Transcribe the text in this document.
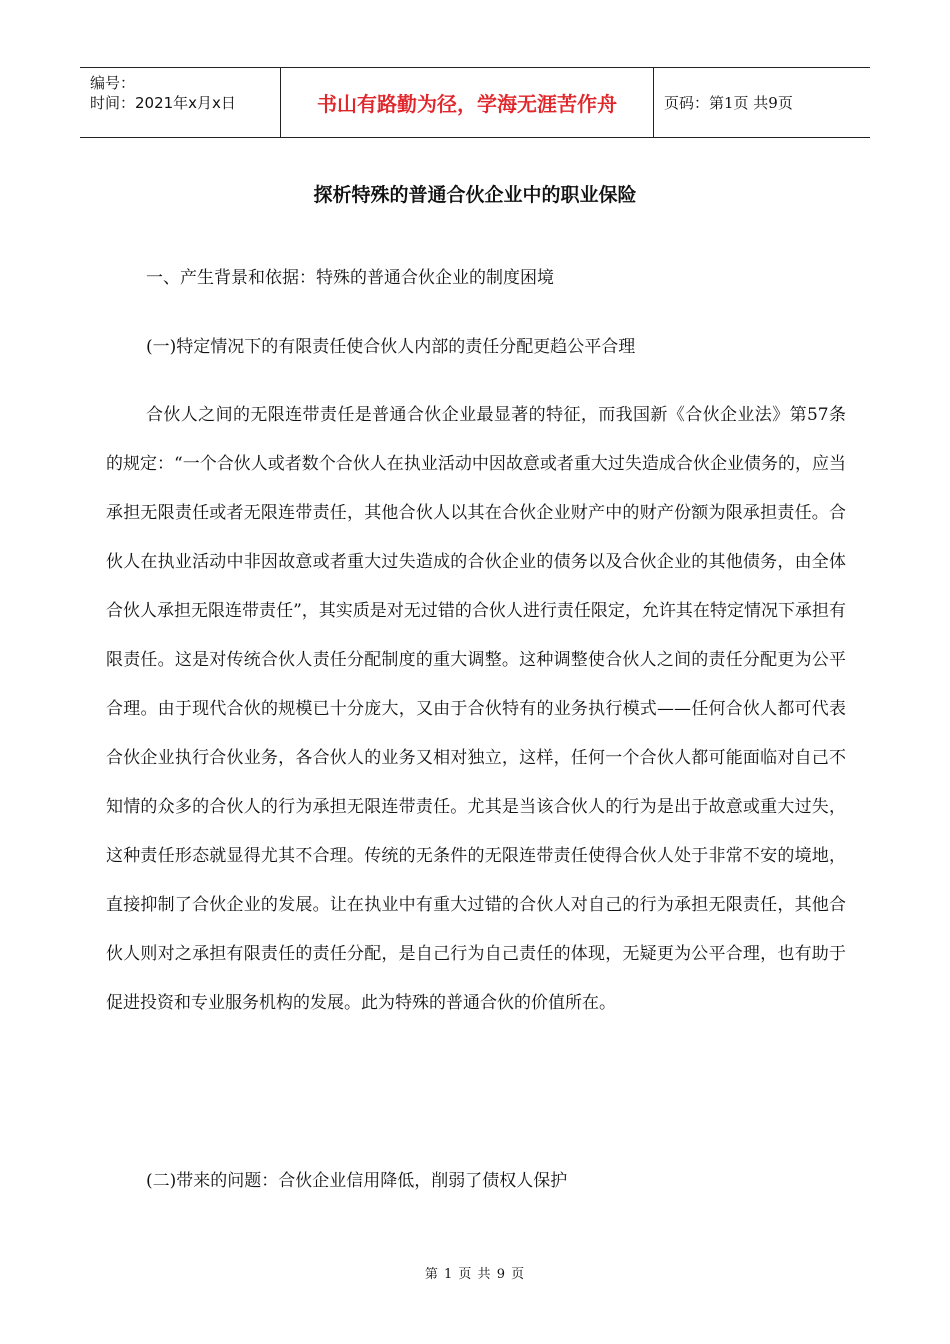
编号：
时间：2021年x月x日	书山有路勤为径，学海无涯苦作舟	页码：第1页 共9页
探析特殊的普通合伙企业中的职业保险
一、产生背景和依据：特殊的普通合伙企业的制度困境
(一)特定情况下的有限责任使合伙人内部的责任分配更趋公平合理

合伙人之间的无限连带责任是普通合伙企业最显著的特征，而我国新《合伙企业法》第57条的规定：“一个合伙人或者数个合伙人在执业活动中因故意或者重大过失造成合伙企业债务的，应当承担无限责任或者无限连带责任，其他合伙人以其在合伙企业财产中的财产份额为限承担责任。合伙人在执业活动中非因故意或者重大过失造成的合伙企业的债务以及合伙企业的其他债务，由全体合伙人承担无限连带责任”，其实质是对无过错的合伙人进行责任限定，允许其在特定情况下承担有限责任。这是对传统合伙人责任分配制度的重大调整。这种调整使合伙人之间的责任分配更为公平合理。由于现代合伙的规模已十分庞大，又由于合伙特有的业务执行模式——任何合伙人都可代表合伙企业执行合伙业务，各合伙人的业务又相对独立，这样，任何一个合伙人都可能面临对自己不知情的众多的合伙人的行为承担无限连带责任。尤其是当该合伙人的行为是出于故意或重大过失，这种责任形态就显得尤其不合理。传统的无条件的无限连带责任使得合伙人处于非常不安的境地，直接抑制了合伙企业的发展。让在执业中有重大过错的合伙人对自己的行为承担无限责任，其他合伙人则对之承担有限责任的责任分配，是自己行为自己责任的体现，无疑更为公平合理，也有助于促进投资和专业服务机构的发展。此为特殊的普通合伙的价值所在。

(二)带来的问题：合伙企业信用降低，削弱了债权人保护
第 1 页 共 9 页
